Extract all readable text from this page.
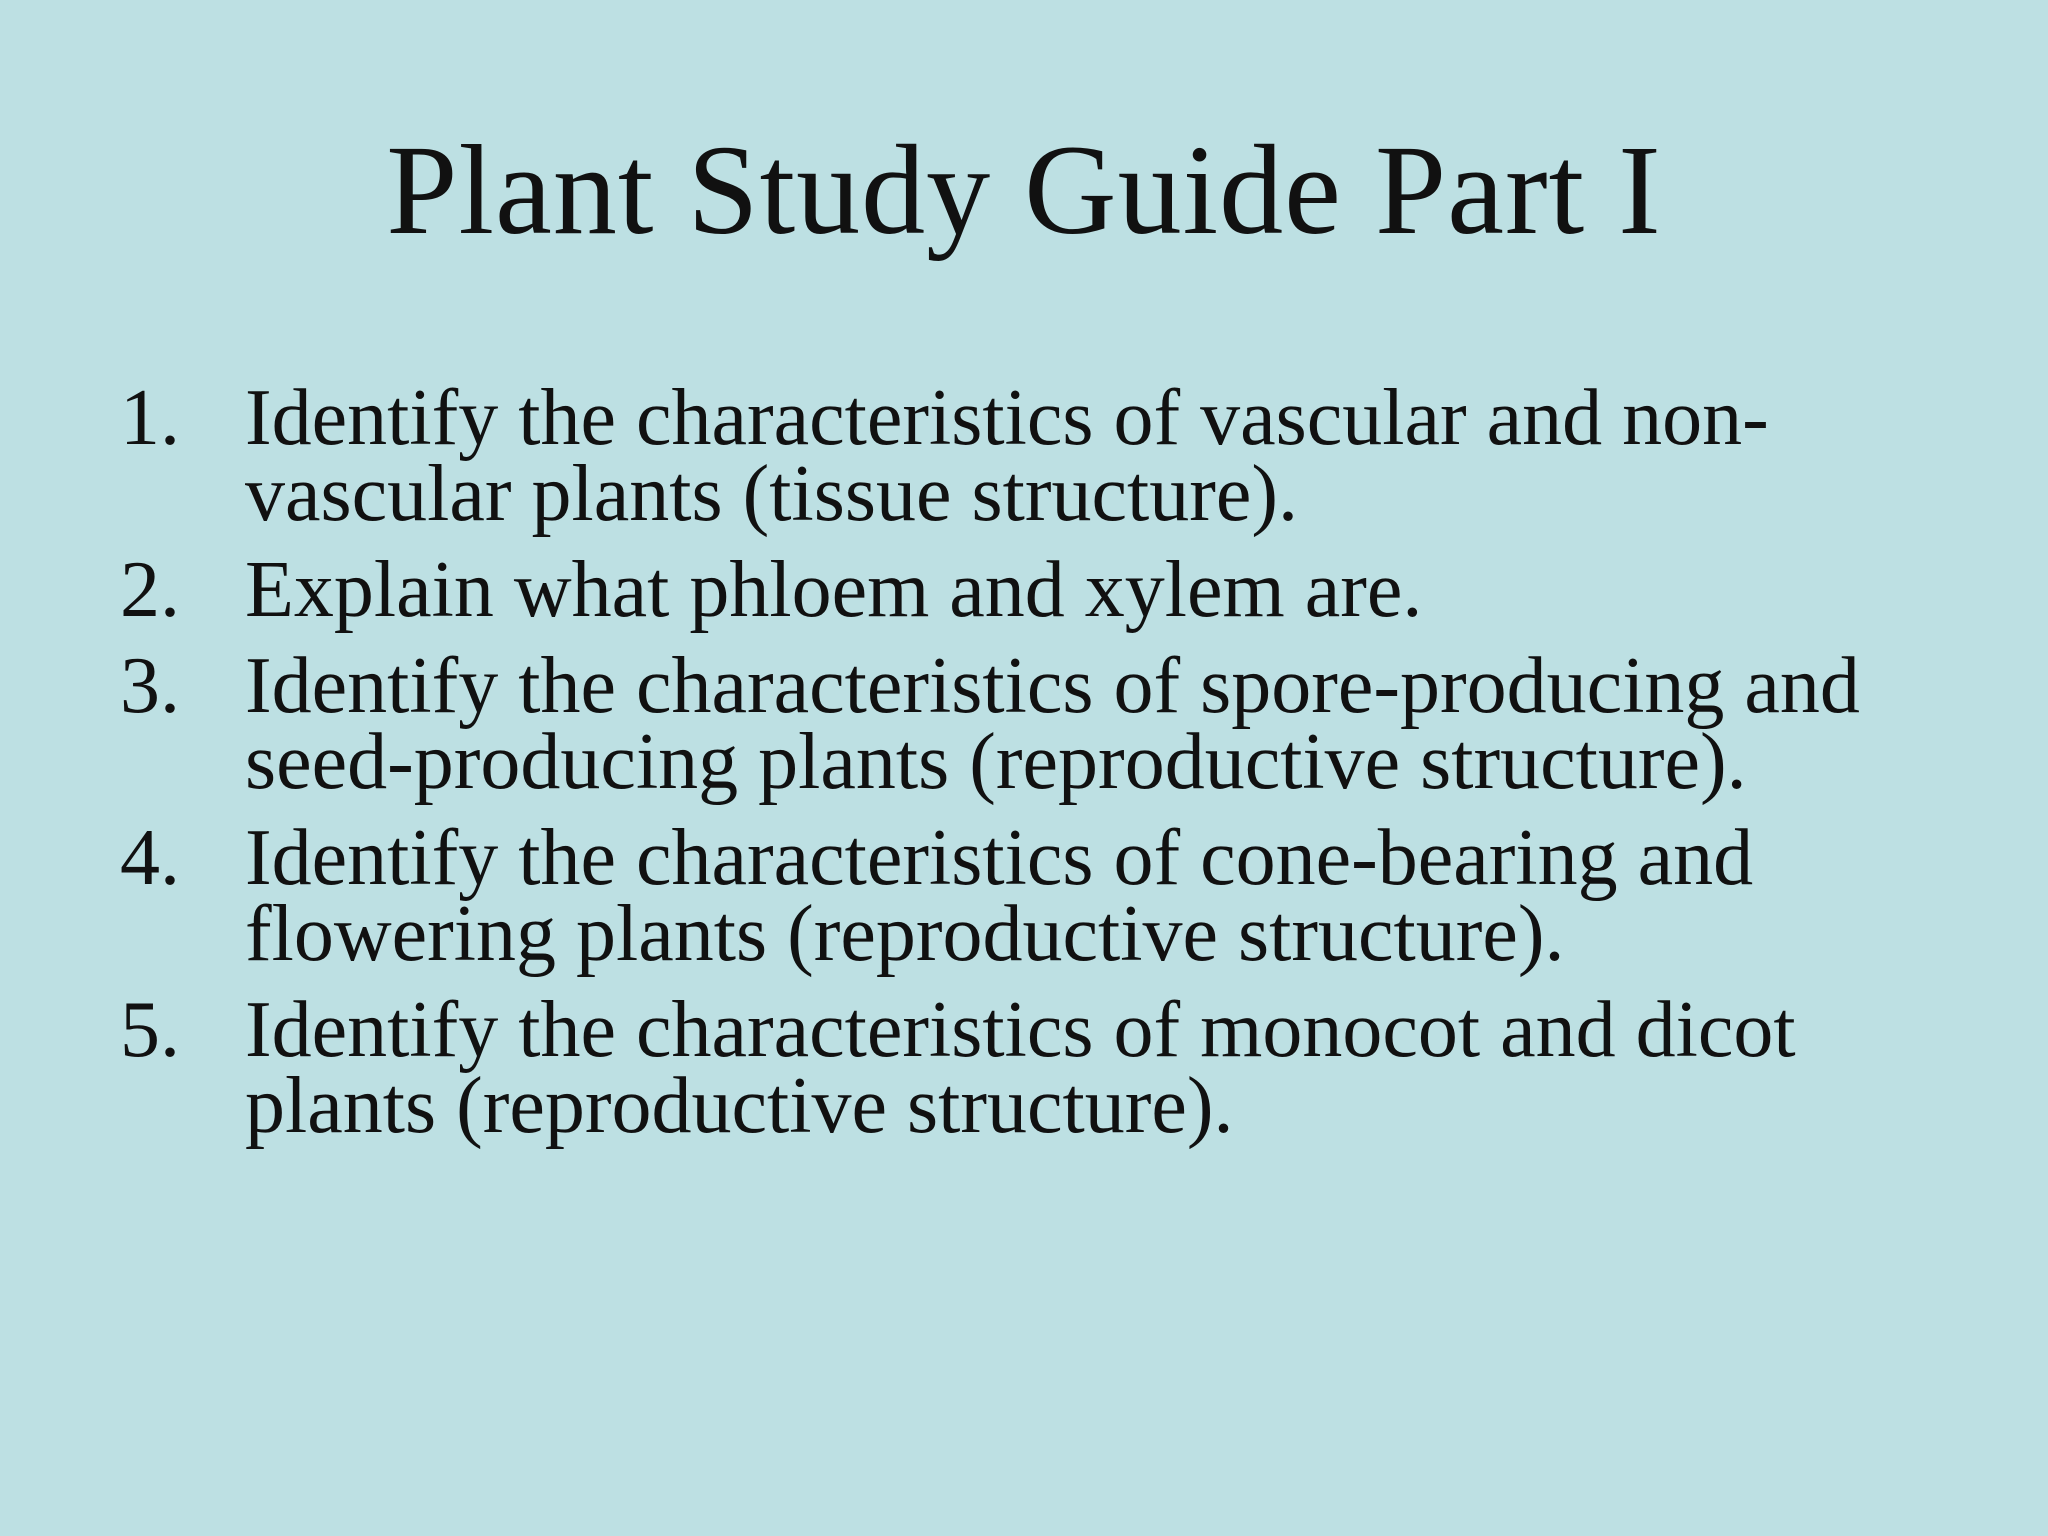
Plant Study Guide Part I
1. Identify the characteristics of vascular and non-vascular plants (tissue structure).
2. Explain what phloem and xylem are.
3. Identify the characteristics of spore-producing and seed-producing plants (reproductive structure).
4. Identify the characteristics of cone-bearing and flowering plants (reproductive structure).
5. Identify the characteristics of monocot and dicot plants (reproductive structure).
